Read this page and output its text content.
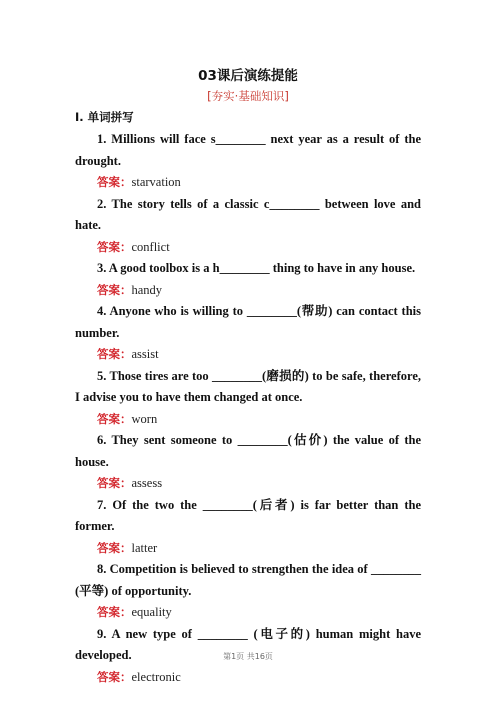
03课后演练提能
[夯实·基础知识]
Ⅰ. 单词拼写

1. Millions will face s________ next year as a result of the drought.

答案：starvation

2. The story tells of a classic c________ between love and hate.

答案：conflict

3. A good toolbox is a h________ thing to have in any house.

答案：handy

4. Anyone who is willing to ________(帮助) can contact this number.

答案：assist

5. Those tires are too ________(磨损的) to be safe, therefore, I advise you to have them changed at once.

答案：worn

6. They sent someone to ________(估价) the value of the house.

答案：assess

7. Of the two the ________(后者) is far better than the former.

答案：latter

8. Competition is believed to strengthen the idea of ________ (平等) of opportunity.

答案：equality

9. A new type of ________ (电子的) human might have developed.

答案：electronic

第1页 共16页
